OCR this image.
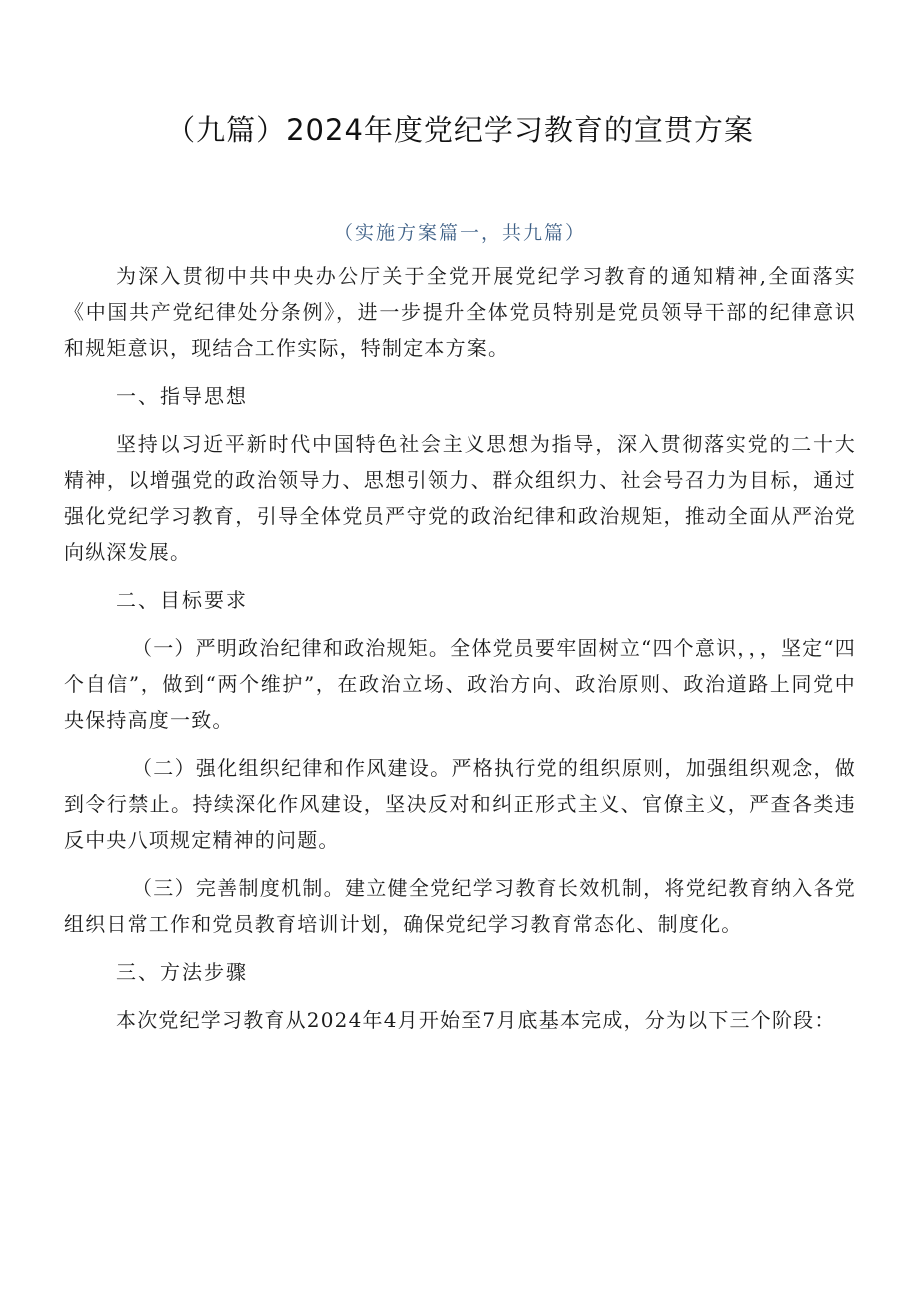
（九篇）2024年度党纪学习教育的宣贯方案
（实施方案篇一，共九篇）

为深入贯彻中共中央办公厅关于全党开展党纪学习教育的通知精神,全面落实《中国共产党纪律处分条例》，进一步提升全体党员特别是党员领导干部的纪律意识和规矩意识，现结合工作实际，特制定本方案。

一、指导思想

坚持以习近平新时代中国特色社会主义思想为指导，深入贯彻落实党的二十大精神，以增强党的政治领导力、思想引领力、群众组织力、社会号召力为目标，通过强化党纪学习教育，引导全体党员严守党的政治纪律和政治规矩，推动全面从严治党向纵深发展。

二、目标要求

（一）严明政治纪律和政治规矩。全体党员要牢固树立“四个意识，，，坚定“四个自信”，做到“两个维护”，在政治立场、政治方向、政治原则、政治道路上同党中央保持高度一致。

（二）强化组织纪律和作风建设。严格执行党的组织原则，加强组织观念，做到令行禁止。持续深化作风建设，坚决反对和纠正形式主义、官僚主义，严查各类违反中央八项规定精神的问题。

（三）完善制度机制。建立健全党纪学习教育长效机制，将党纪教育纳入各党组织日常工作和党员教育培训计划，确保党纪学习教育常态化、制度化。

三、方法步骤

本次党纪学习教育从2024年4月开始至7月底基本完成，分为以下三个阶段：
